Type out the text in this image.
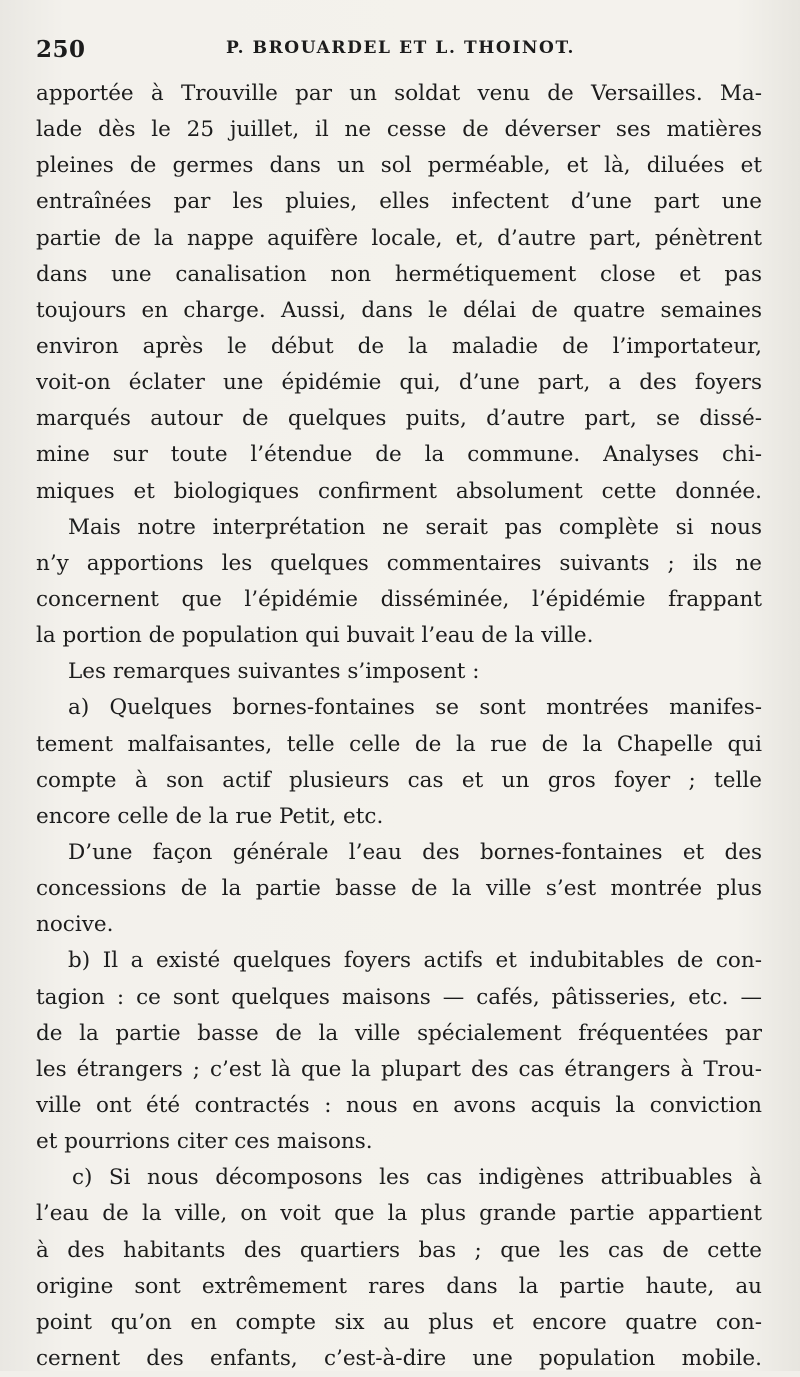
250	P. BROUARDEL ET L. THOINOT.
apportée à Trouville par un soldat venu de Versailles. Ma-
lade dès le 25 juillet, il ne cesse de déverser ses matières
pleines de germes dans un sol perméable, et là, diluées et
entraînées par les pluies, elles infectent d’une part une
partie de la nappe aquifère locale, et, d’autre part, pénètrent
dans une canalisation non hermétiquement close et pas
toujours en charge. Aussi, dans le délai de quatre semaines
environ après le début de la maladie de l’importateur,
voit-on éclater une épidémie qui, d’une part, a des foyers
marqués autour de quelques puits, d’autre part, se dissé-
mine sur toute l’étendue de la commune. Analyses chi-
miques et biologiques confirment absolument cette donnée.
Mais notre interprétation ne serait pas complète si nous
n’y apportions les quelques commentaires suivants ; ils ne
concernent que l’épidémie disséminée, l’épidémie frappant
la portion de population qui buvait l’eau de la ville.
Les remarques suivantes s’imposent :
a) Quelques bornes-fontaines se sont montrées manifes-
tement malfaisantes, telle celle de la rue de la Chapelle qui
compte à son actif plusieurs cas et un gros foyer ; telle
encore celle de la rue Petit, etc.
D’une façon générale l’eau des bornes-fontaines et des
concessions de la partie basse de la ville s’est montrée plus
nocive.
b) Il a existé quelques foyers actifs et indubitables de con-
tagion : ce sont quelques maisons — cafés, pâtisseries, etc. —
de la partie basse de la ville spécialement fréquentées par
les étrangers ; c’est là que la plupart des cas étrangers à Trou-
ville ont été contractés : nous en avons acquis la conviction
et pourrions citer ces maisons.
c) Si nous décomposons les cas indigènes attribuables à
l’eau de la ville, on voit que la plus grande partie appartient
à des habitants des quartiers bas ; que les cas de cette
origine sont extrêmement rares dans la partie haute, au
point qu’on en compte six au plus et encore quatre con-
cernent des enfants, c’est-à-dire une population mobile.
